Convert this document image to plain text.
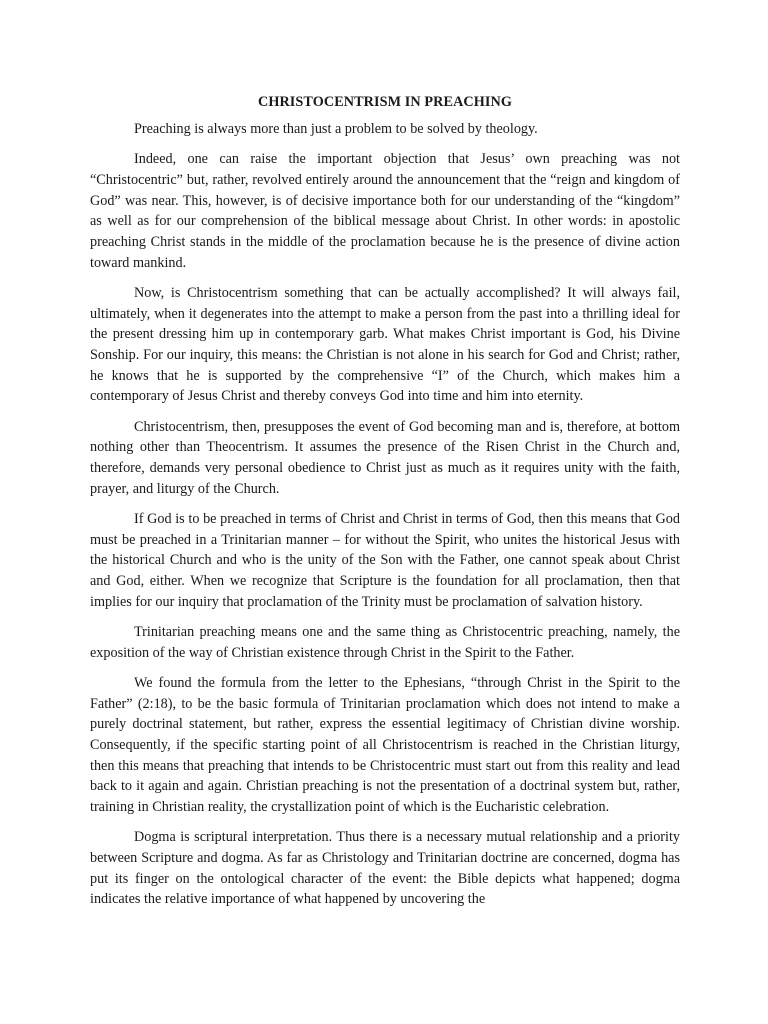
CHRISTOCENTRISM IN PREACHING

Preaching is always more than just a problem to be solved by theology.

Indeed, one can raise the important objection that Jesus’ own preaching was not “Christocentric” but, rather, revolved entirely around the announcement that the “reign and kingdom of God” was near. This, however, is of decisive importance both for our understanding of the “kingdom” as well as for our comprehension of the biblical message about Christ. In other words: in apostolic preaching Christ stands in the middle of the proclamation because he is the presence of divine action toward mankind.

Now, is Christocentrism something that can be actually accomplished? It will always fail, ultimately, when it degenerates into the attempt to make a person from the past into a thrilling ideal for the present dressing him up in contemporary garb. What makes Christ important is God, his Divine Sonship. For our inquiry, this means: the Christian is not alone in his search for God and Christ; rather, he knows that he is supported by the comprehensive “I” of the Church, which makes him a contemporary of Jesus Christ and thereby conveys God into time and him into eternity.

Christocentrism, then, presupposes the event of God becoming man and is, therefore, at bottom nothing other than Theocentrism. It assumes the presence of the Risen Christ in the Church and, therefore, demands very personal obedience to Christ just as much as it requires unity with the faith, prayer, and liturgy of the Church.

If God is to be preached in terms of Christ and Christ in terms of God, then this means that God must be preached in a Trinitarian manner – for without the Spirit, who unites the historical Jesus with the historical Church and who is the unity of the Son with the Father, one cannot speak about Christ and God, either. When we recognize that Scripture is the foundation for all proclamation, then that implies for our inquiry that proclamation of the Trinity must be proclamation of salvation history.

Trinitarian preaching means one and the same thing as Christocentric preaching, namely, the exposition of the way of Christian existence through Christ in the Spirit to the Father.

We found the formula from the letter to the Ephesians, “through Christ in the Spirit to the Father” (2:18), to be the basic formula of Trinitarian proclamation which does not intend to make a purely doctrinal statement, but rather, express the essential legitimacy of Christian divine worship. Consequently, if the specific starting point of all Christocentrism is reached in the Christian liturgy, then this means that preaching that intends to be Christocentric must start out from this reality and lead back to it again and again. Christian preaching is not the presentation of a doctrinal system but, rather, training in Christian reality, the crystallization point of which is the Eucharistic celebration.

Dogma is scriptural interpretation. Thus there is a necessary mutual relationship and a priority between Scripture and dogma. As far as Christology and Trinitarian doctrine are concerned, dogma has put its finger on the ontological character of the event: the Bible depicts what happened; dogma indicates the relative importance of what happened by uncovering the
